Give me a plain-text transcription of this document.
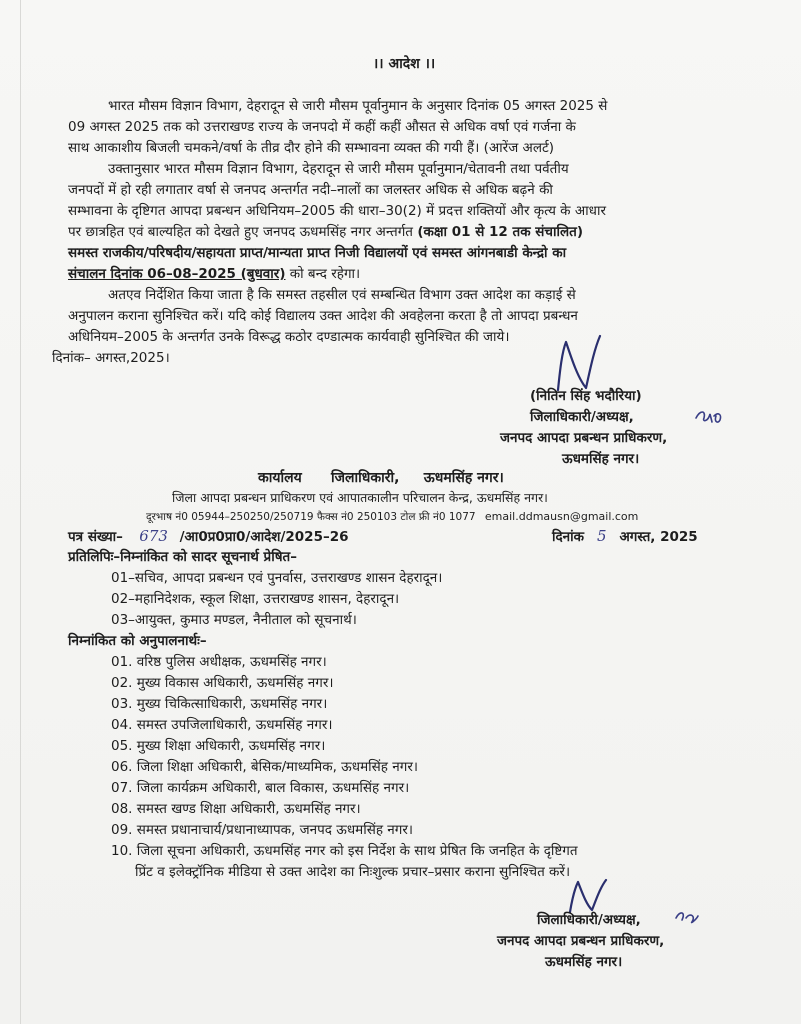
।। आदेश ।।
भारत मौसम विज्ञान विभाग, देहरादून से जारी मौसम पूर्वानुमान के अनुसार दिनांक 05 अगस्त 2025 से
09 अगस्त 2025 तक को उत्तराखण्ड राज्य के जनपदो में कहीं कहीं औसत से अधिक वर्षा एवं गर्जना के
साथ आकाशीय बिजली चमकने/वर्षा के तीव्र दौर होने की सम्भावना व्यक्त की गयी हैं। (आरेंज अलर्ट)
उक्तानुसार भारत मौसम विज्ञान विभाग, देहरादून से जारी मौसम पूर्वानुमान/चेतावनी तथा पर्वतीय
जनपदों में हो रही लगातार वर्षा से जनपद अन्तर्गत नदी–नालों का जलस्तर अधिक से अधिक बढ़ने की
सम्भावना के दृष्टिगत आपदा प्रबन्धन अधिनियम–2005 की धारा–30(2) में प्रदत्त शक्तियों और कृत्य के आधार
पर छात्रहित एवं बाल्यहित को देखते हुए जनपद ऊधमसिंह नगर अन्तर्गत (कक्षा 01 से 12 तक संचालित)
समस्त राजकीय/परिषदीय/सहायता प्राप्त/मान्यता प्राप्त निजी विद्यालयों एवं समस्त आंगनबाडी केन्द्रो का
संचालन दिनांक 06–08–2025 (बुधवार) को बन्द रहेगा।
अतएव निर्देशित किया जाता है कि समस्त तहसील एवं सम्बन्धित विभाग उक्त आदेश का कड़ाई से
अनुपालन कराना सुनिश्चित करें। यदि कोई विद्यालय उक्त आदेश की अवहेलना करता है तो आपदा प्रबन्धन
अधिनियम–2005 के अन्तर्गत उनके विरूद्ध कठोर दण्डात्मक कार्यवाही सुनिश्चित की जाये।
दिनांक– अगस्त,2025।
(नितिन सिंह भदौरिया)
जिलाधिकारी/अध्यक्ष,
जनपद आपदा प्रबन्धन प्राधिकरण,
ऊधमसिंह नगर।
कार्यालय      जिलाधिकारी,     ऊधमसिंह नगर।
जिला आपदा प्रबन्धन प्राधिकरण एवं आपातकालीन परिचालन केन्द्र, ऊधमसिंह नगर।
दूरभाष नं0 05944–250250/250719 फैक्स नं0 250103 टोल फ्री नं0 1077 email.ddmausn@gmail.com
पत्र संख्या– 673 /आ0प्र0प्रा0/आदेश/2025–26	दिनांक 5 अगस्त, 2025
प्रतिलिपिः–निम्नांकित को सादर सूचनार्थ प्रेषित–
01–सचिव, आपदा प्रबन्धन एवं पुनर्वास, उत्तराखण्ड शासन देहरादून।
02–महानिदेशक, स्कूल शिक्षा, उत्तराखण्ड शासन, देहरादून।
03–आयुक्त, कुमाउ मण्डल, नैनीताल को सूचनार्थ।
निम्नांकित को अनुपालनार्थः–
01. वरिष्ठ पुलिस अधीक्षक, ऊधमसिंह नगर।
02. मुख्य विकास अधिकारी, ऊधमसिंह नगर।
03. मुख्य चिकित्साधिकारी, ऊधमसिंह नगर।
04. समस्त उपजिलाधिकारी, ऊधमसिंह नगर।
05. मुख्य शिक्षा अधिकारी, ऊधमसिंह नगर।
06. जिला शिक्षा अधिकारी, बेसिक/माध्यमिक, ऊधमसिंह नगर।
07. जिला कार्यक्रम अधिकारी, बाल विकास, ऊधमसिंह नगर।
08. समस्त खण्ड शिक्षा अधिकारी, ऊधमसिंह नगर।
09. समस्त प्रधानाचार्य/प्रधानाध्यापक, जनपद ऊधमसिंह नगर।
10. जिला सूचना अधिकारी, ऊधमसिंह नगर को इस निर्देश के साथ प्रेषित कि जनहित के दृष्टिगत
प्रिंट व इलेक्ट्रॉनिक मीडिया से उक्त आदेश का निःशुल्क प्रचार–प्रसार कराना सुनिश्चित करें।
जिलाधिकारी/अध्यक्ष,
जनपद आपदा प्रबन्धन प्राधिकरण,
ऊधमसिंह नगर।
